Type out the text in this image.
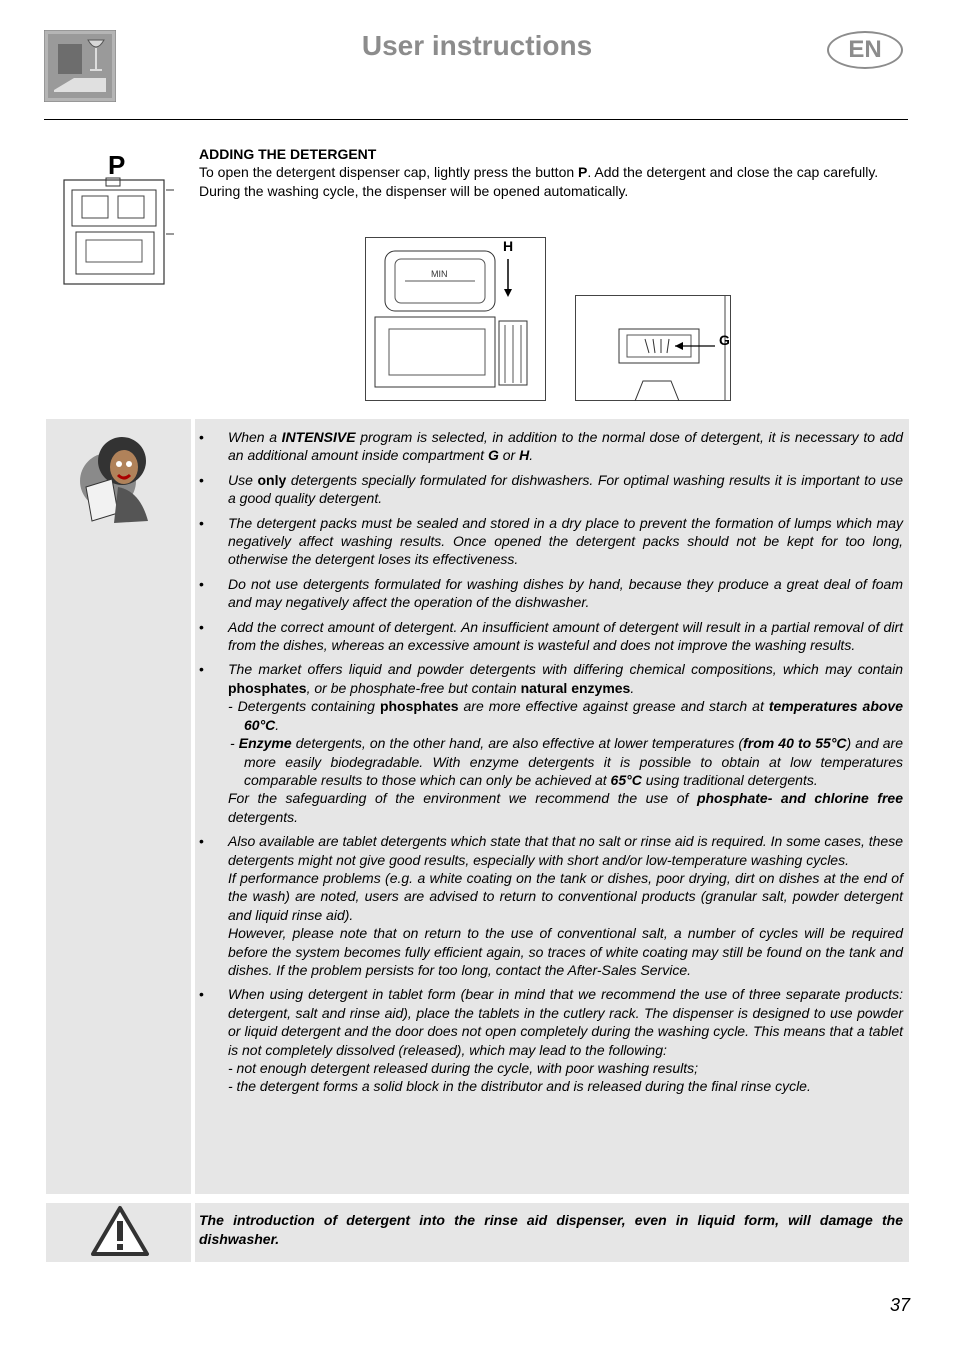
User instructions	EN
P	ADDING THE DETERGENT

To open the detergent dispenser cap, lightly press the button P. Add the detergent and close the cap carefully.

During the washing cycle, the dispenser will be opened automatically.

MIN
H
G
• When a INTENSIVE program is selected, in addition to the normal dose of detergent, it is necessary to add an additional amount inside compartment G or H.
• Use only detergents specially formulated for dishwashers. For optimal washing results it is important to use a good quality detergent.
• The detergent packs must be sealed and stored in a dry place to prevent the formation of lumps which may negatively affect washing results. Once opened the detergent packs should not be kept for too long, otherwise the detergent loses its effectiveness.
• Do not use detergents formulated for washing dishes by hand, because they produce a great deal of foam and may negatively affect the operation of the dishwasher.
• Add the correct amount of detergent. An insufficient amount of detergent will result in a partial removal of dirt from the dishes, whereas an excessive amount is wasteful and does not improve the washing results.
• The market offers liquid and powder detergents with differing chemical compositions, which may contain phosphates, or be phosphate-free but contain natural enzymes.
- Detergents containing phosphates are more effective against grease and starch at temperatures above 60°C.
- Enzyme detergents, on the other hand, are also effective at lower temperatures (from 40 to 55°C) and are more easily biodegradable. With enzyme detergents it is possible to obtain at low temperatures comparable results to those which can only be achieved at 65°C using traditional detergents.
For the safeguarding of the environment we recommend the use of phosphate- and chlorine free detergents.
• Also available are tablet detergents which state that that no salt or rinse aid is required. In some cases, these detergents might not give good results, especially with short and/or low-temperature washing cycles.
If performance problems (e.g. a white coating on the tank or dishes, poor drying, dirt on dishes at the end of the wash) are noted, users are advised to return to conventional products (granular salt, powder detergent and liquid rinse aid).
However, please note that on return to the use of conventional salt, a number of cycles will be required before the system becomes fully efficient again, so traces of white coating may still be found on the tank and dishes. If the problem persists for too long, contact the After-Sales Service.
• When using detergent in tablet form (bear in mind that we recommend the use of three separate products: detergent, salt and rinse aid), place the tablets in the cutlery rack. The dispenser is designed to use powder or liquid detergent and the door does not open completely during the washing cycle. This means that a tablet is not completely dissolved (released), which may lead to the following:
- not enough detergent released during the cycle, with poor washing results;
- the detergent forms a solid block in the distributor and is released during the final rinse cycle.
The introduction of detergent into the rinse aid dispenser, even in liquid form, will damage the dishwasher.
37
